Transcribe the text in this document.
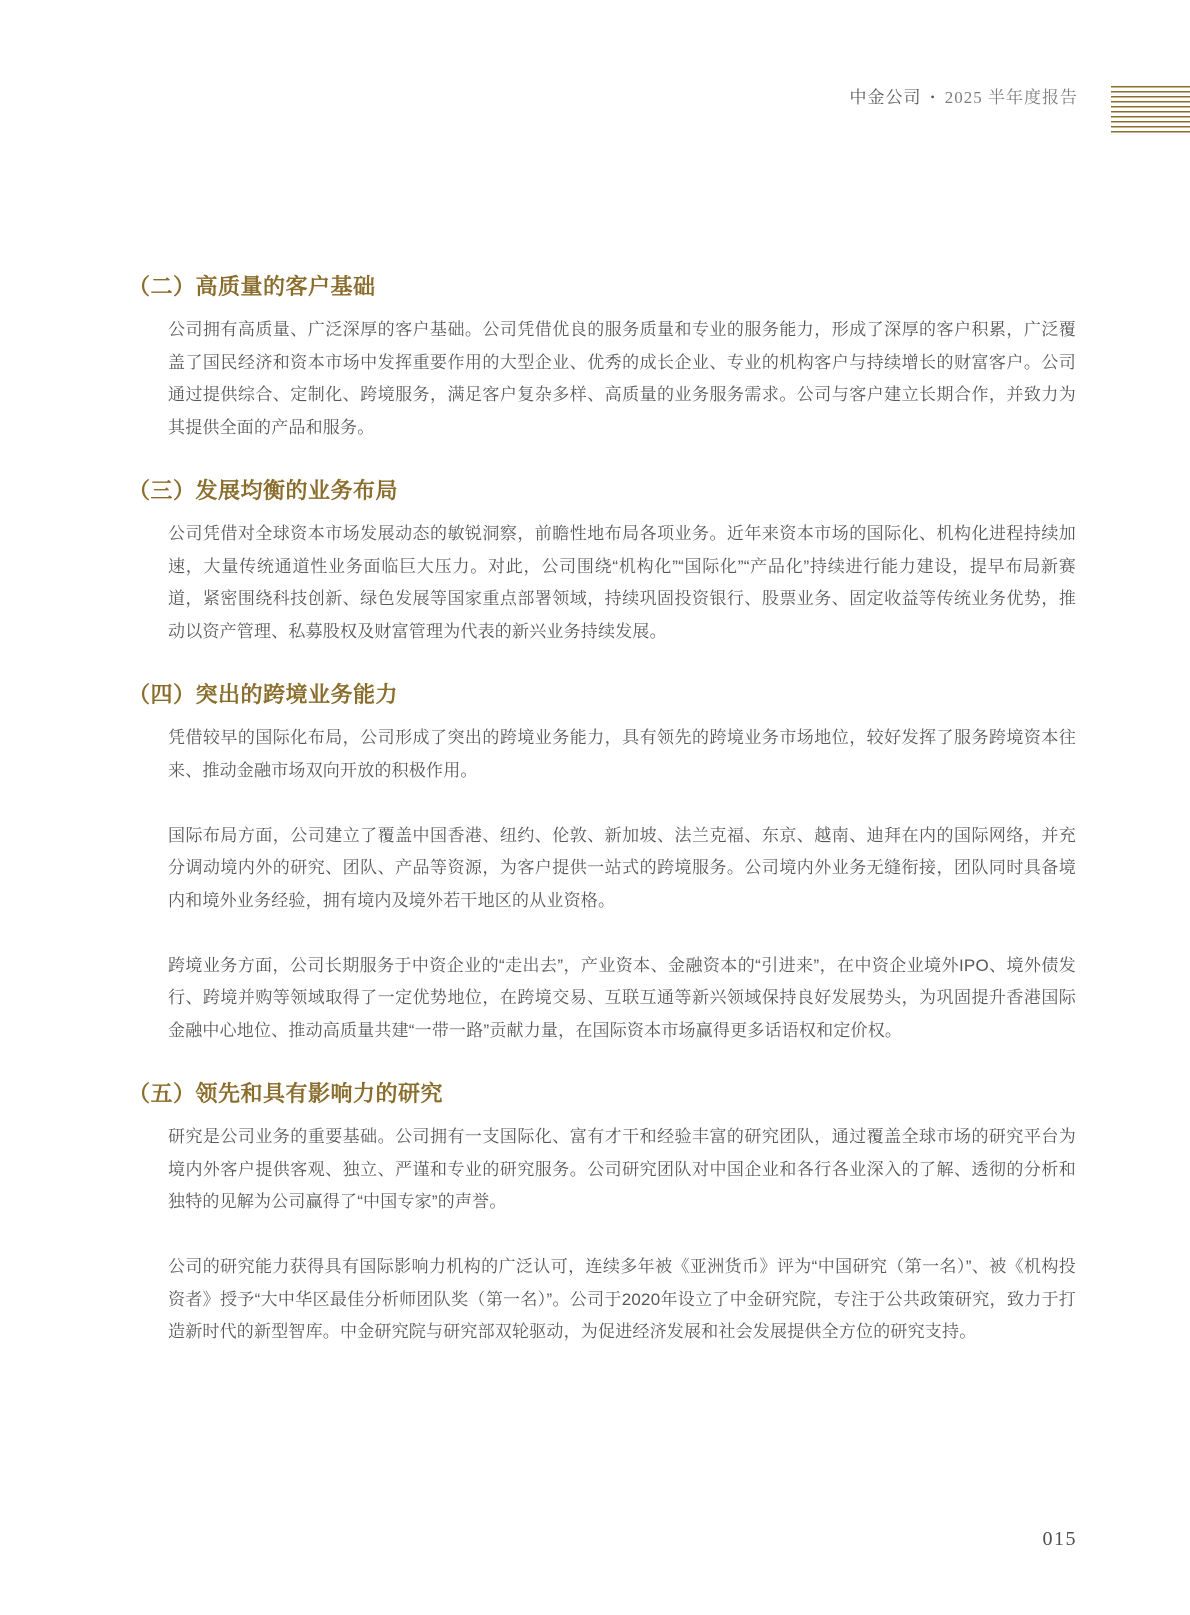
中金公司 • 2025 半年度报告
（二）高质量的客户基础

公司拥有高质量、广泛深厚的客户基础。公司凭借优良的服务质量和专业的服务能力，形成了深厚的客户积累，广泛覆盖了国民经济和资本市场中发挥重要作用的大型企业、优秀的成长企业、专业的机构客户与持续增长的财富客户。公司通过提供综合、定制化、跨境服务，满足客户复杂多样、高质量的业务服务需求。公司与客户建立长期合作，并致力为其提供全面的产品和服务。

（三）发展均衡的业务布局

公司凭借对全球资本市场发展动态的敏锐洞察，前瞻性地布局各项业务。近年来资本市场的国际化、机构化进程持续加速，大量传统通道性业务面临巨大压力。对此，公司围绕“机构化”“国际化”“产品化”持续进行能力建设，提早布局新赛道，紧密围绕科技创新、绿色发展等国家重点部署领域，持续巩固投资银行、股票业务、固定收益等传统业务优势，推动以资产管理、私募股权及财富管理为代表的新兴业务持续发展。

（四）突出的跨境业务能力

凭借较早的国际化布局，公司形成了突出的跨境业务能力，具有领先的跨境业务市场地位，较好发挥了服务跨境资本往来、推动金融市场双向开放的积极作用。

国际布局方面，公司建立了覆盖中国香港、纽约、伦敦、新加坡、法兰克福、东京、越南、迪拜在内的国际网络，并充分调动境内外的研究、团队、产品等资源，为客户提供一站式的跨境服务。公司境内外业务无缝衔接，团队同时具备境内和境外业务经验，拥有境内及境外若干地区的从业资格。

跨境业务方面，公司长期服务于中资企业的“走出去”，产业资本、金融资本的“引进来”，在中资企业境外IPO、境外债发行、跨境并购等领域取得了一定优势地位，在跨境交易、互联互通等新兴领域保持良好发展势头，为巩固提升香港国际金融中心地位、推动高质量共建“一带一路”贡献力量，在国际资本市场赢得更多话语权和定价权。

（五）领先和具有影响力的研究

研究是公司业务的重要基础。公司拥有一支国际化、富有才干和经验丰富的研究团队，通过覆盖全球市场的研究平台为境内外客户提供客观、独立、严谨和专业的研究服务。公司研究团队对中国企业和各行各业深入的了解、透彻的分析和独特的见解为公司赢得了“中国专家”的声誉。

公司的研究能力获得具有国际影响力机构的广泛认可，连续多年被《亚洲货币》评为“中国研究（第一名）”、被《机构投资者》授予“大中华区最佳分析师团队奖（第一名）”。公司于2020年设立了中金研究院，专注于公共政策研究，致力于打造新时代的新型智库。中金研究院与研究部双轮驱动，为促进经济发展和社会发展提供全方位的研究支持。

015
